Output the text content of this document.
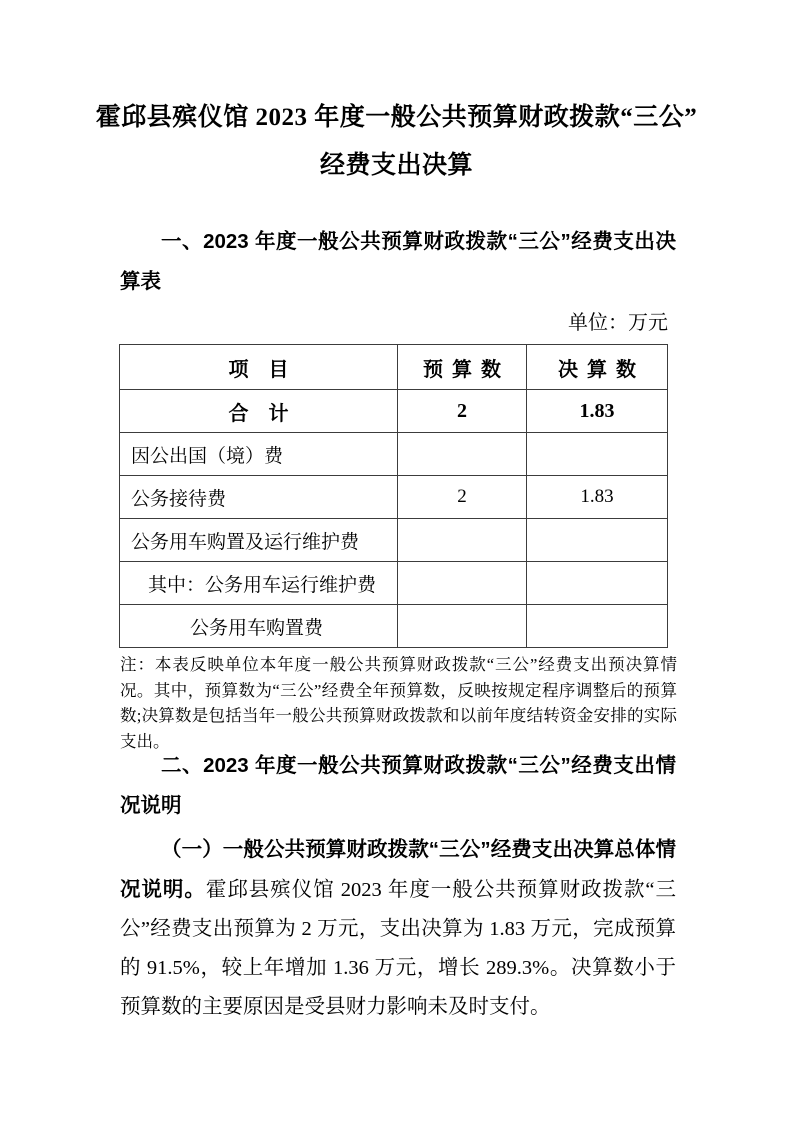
霍邱县殡仪馆 2023 年度一般公共预算财政拨款“三公”
经费支出决算
一、2023 年度一般公共预算财政拨款“三公”经费支出决算表
单位：万元
项　目	预 算 数	决 算 数
合　计	2	1.83
因公出国（境）费		
公务接待费	2	1.83
公务用车购置及运行维护费		
其中：公务用车运行维护费		
公务用车购置费		
注：本表反映单位本年度一般公共预算财政拨款“三公”经费支出预决算情况。其中，预算数为“三公”经费全年预算数，反映按规定程序调整后的预算数;决算数是包括当年一般公共预算财政拨款和以前年度结转资金安排的实际支出。
二、2023 年度一般公共预算财政拨款“三公”经费支出情况说明

（一）一般公共预算财政拨款“三公”经费支出决算总体情况说明。霍邱县殡仪馆 2023 年度一般公共预算财政拨款“三公”经费支出预算为 2 万元，支出决算为 1.83 万元，完成预算的 91.5%，较上年增加 1.36 万元，增长 289.3%。决算数小于预算数的主要原因是受县财力影响未及时支付。
